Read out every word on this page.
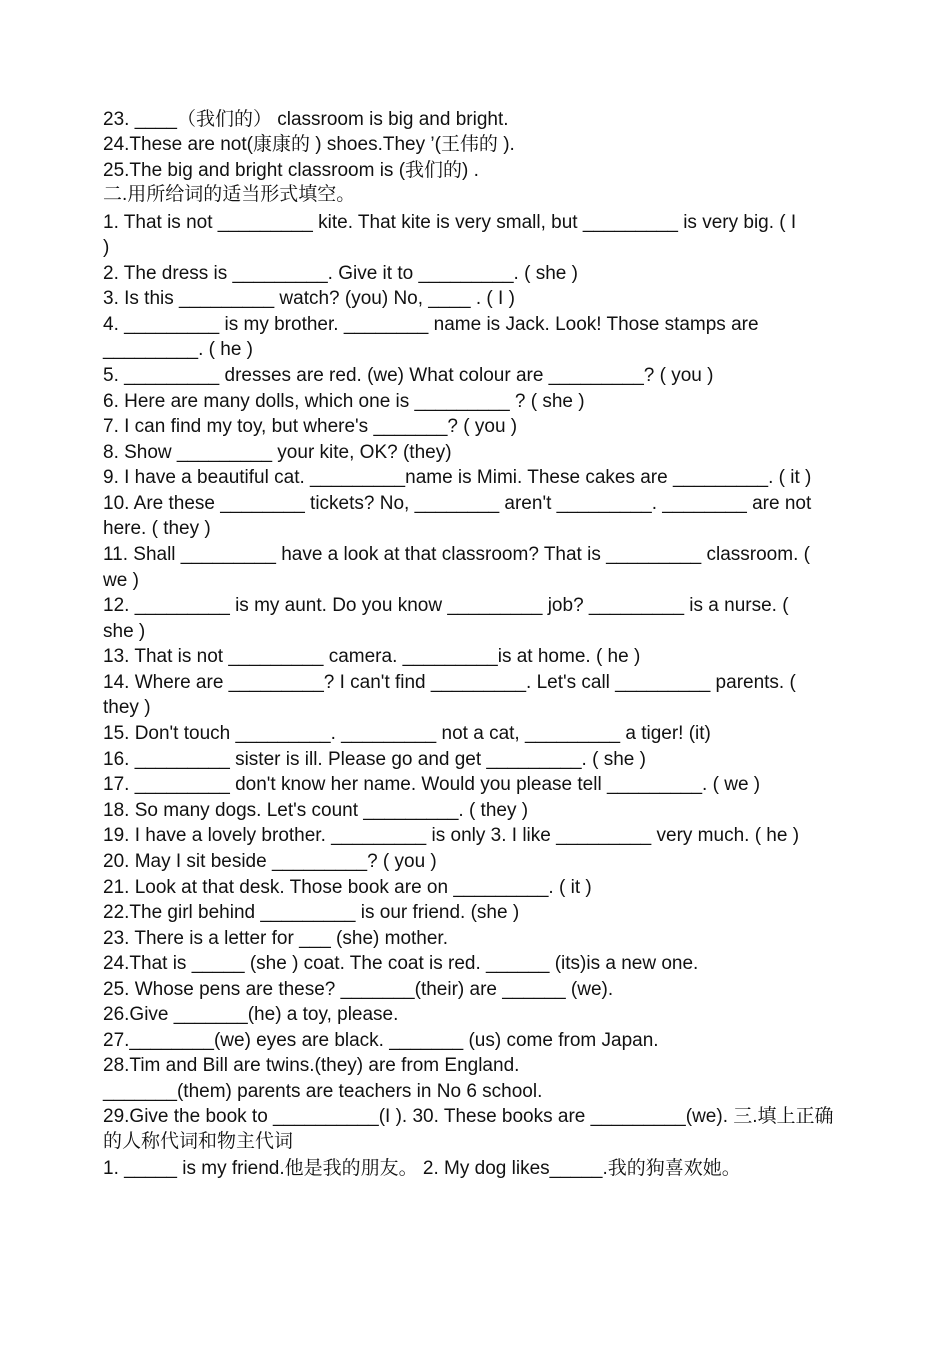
23. ____（我们的） classroom is big and bright.
24.These are not(康康的 ) shoes.They ’(王伟的 ).
25.The big and bright classroom is (我们的) .
二.用所给词的适当形式填空。
1. That is not _________ kite. That kite is very small, but _________ is very big. ( I
)
2. The dress is _________. Give it to _________. ( she )
3. Is this _________ watch? (you) No, ____ . ( I )
4. _________ is my brother. ________ name is Jack. Look! Those stamps are
_________. ( he )
5. _________ dresses are red. (we) What colour are _________? ( you )
6. Here are many dolls, which one is _________ ? ( she )
7. I can find my toy, but where's _______? ( you )
8. Show _________ your kite, OK? (they)
9. I have a beautiful cat. _________name is Mimi. These cakes are _________. ( it )
10. Are these ________ tickets? No, ________ aren't _________. ________ are not
here. ( they )
11. Shall _________ have a look at that classroom? That is _________ classroom. (
we )
12. _________ is my aunt. Do you know _________ job? _________ is a nurse. (
she )
13. That is not _________ camera. _________is at home. ( he )
14. Where are _________? I can't find _________. Let's call _________ parents. (
they )
15. Don't touch _________. _________ not a cat, _________ a tiger! (it)
16. _________ sister is ill. Please go and get _________. ( she )
17. _________ don't know her name. Would you please tell _________. ( we )
18. So many dogs. Let's count _________. ( they )
19. I have a lovely brother. _________ is only 3. I like _________ very much. ( he )
20. May I sit beside _________? ( you )
21. Look at that desk. Those book are on _________. ( it )
22.The girl behind _________ is our friend. (she )
23. There is a letter for ___ (she) mother.
24.That is _____ (she ) coat. The coat is red. ______ (its)is a new one.
25. Whose pens are these? _______(their) are ______ (we).
26.Give _______(he) a toy, please.
27.________(we) eyes are black. _______ (us) come from Japan.
28.Tim and Bill are twins.(they) are from England.
_______(them) parents are teachers in No 6 school.
29.Give the book to __________(I ). 30. These books are _________(we). 三.填上正确
的人称代词和物主代词
1. _____ is my friend.他是我的朋友。 2. My dog likes_____.我的狗喜欢她。
